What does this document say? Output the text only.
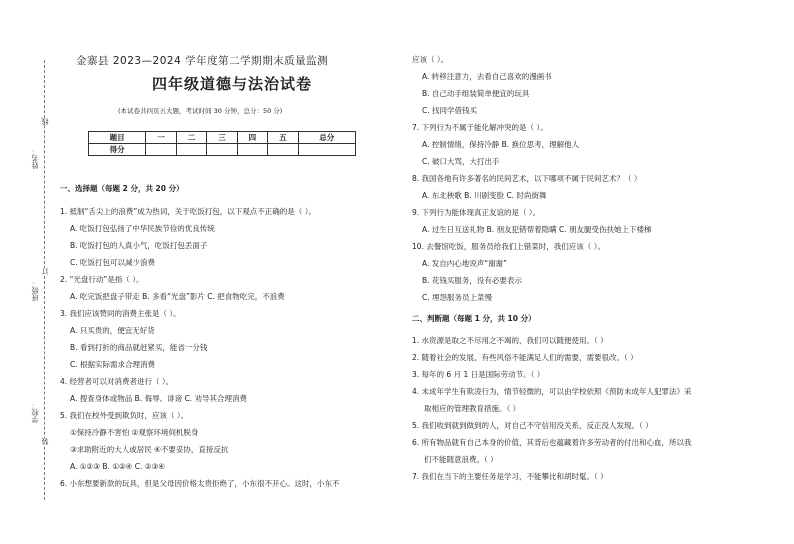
姓名：
班级：
学校：
线
订
装
金寨县 2023—2024 学年度第二学期期末质量监测
四年级道德与法治试卷
(本试卷共四页五大题，考试时间 30 分钟，总分：50 分)
一、选择题（每题 2 分，共 20 分）
1. 抵制“舌尖上的浪费”成为热词，关于吃饭打包，以下观点不正确的是（ ）。
A. 吃饭打包弘扬了中华民族节俭的优良传统
B. 吃饭打包的人真小气，吃饭打包丢面子
C. 吃饭打包可以减少浪费
2. “光盘行动”是指（ ）。
A. 吃完饭把盘子带走 B. 多看“光盘”影片 C. 把食物吃完，不浪费
3. 我们应该赞同的消费主张是（ ）。
A. 只买贵的，便宜无好货
B. 看到打折的商品就赶紧买，能省一分钱
C. 根据实际需求合理消费
4. 经营者可以对消费者进行（ ）。
A. 搜查身体或物品 B. 侮辱、诽谤 C. 劝导其合理消费
5. 我们在校外受到欺负时，应该（ ）。
①保持冷静不害怕 ②观察环境伺机脱身
③求助附近的大人或居民 ④不要妥协，直接反抗
A. ①②③ B. ①②④ C. ②③④
6. 小东想要新款的玩具，但是父母因价格太贵拒绝了，小东很不开心。这时，小东不
题目	一	二	三	四	五	总分
得分						
应该（ ）。
A. 转移注意力，去看自己喜欢的漫画书
B. 自己动手组装简单便宜的玩具
C. 找同学借钱买
7. 下列行为不属于能化解冲突的是（ ）。
A. 控制情绪，保持冷静 B. 换位思考，理解他人
C. 破口大骂，大打出手
8. 我国各地有许多著名的民间艺术，以下哪项不属于民间艺术？（ ）
A. 东北秧歌 B. 川剧变脸 C. 时尚街舞
9. 下列行为能体现真正友谊的是（ ）。
A. 过生日互送礼物 B. 朋友犯错帮着隐瞒 C. 朋友腿受伤扶她上下楼梯
10. 去餐馆吃饭，服务员给我们上错菜时，我们应该（ ）。
A. 发自内心地说声“谢谢”
B. 花钱买服务，没有必要表示
C. 埋怨服务员上菜慢
二、判断题（每题 1 分，共 10 分）
1. 水资源是取之不尽用之不竭的，我们可以随便使用。（ ）
2. 随着社会的发展，有些风俗不能满足人们的需要，需要很改。（ ）
3. 每年的 6 月 1 日是国际劳动节。（ ）
4. 未成年学生有欺凌行为，情节轻微的，可以由学校依照《预防未成年人犯罪法》采
取相应的管理教育措施。（ ）
5. 我们收到就到做到的人，对自己不守信用没关系，反正没人发现。（ ）
6. 所有物品就有自己本身的价值，其背后也蕴藏着许多劳动者的付出和心血，所以我
们不能随意浪费。（ ）
7. 我们在当下的主要任务是学习，不能攀比和胡时髦。（ ）
